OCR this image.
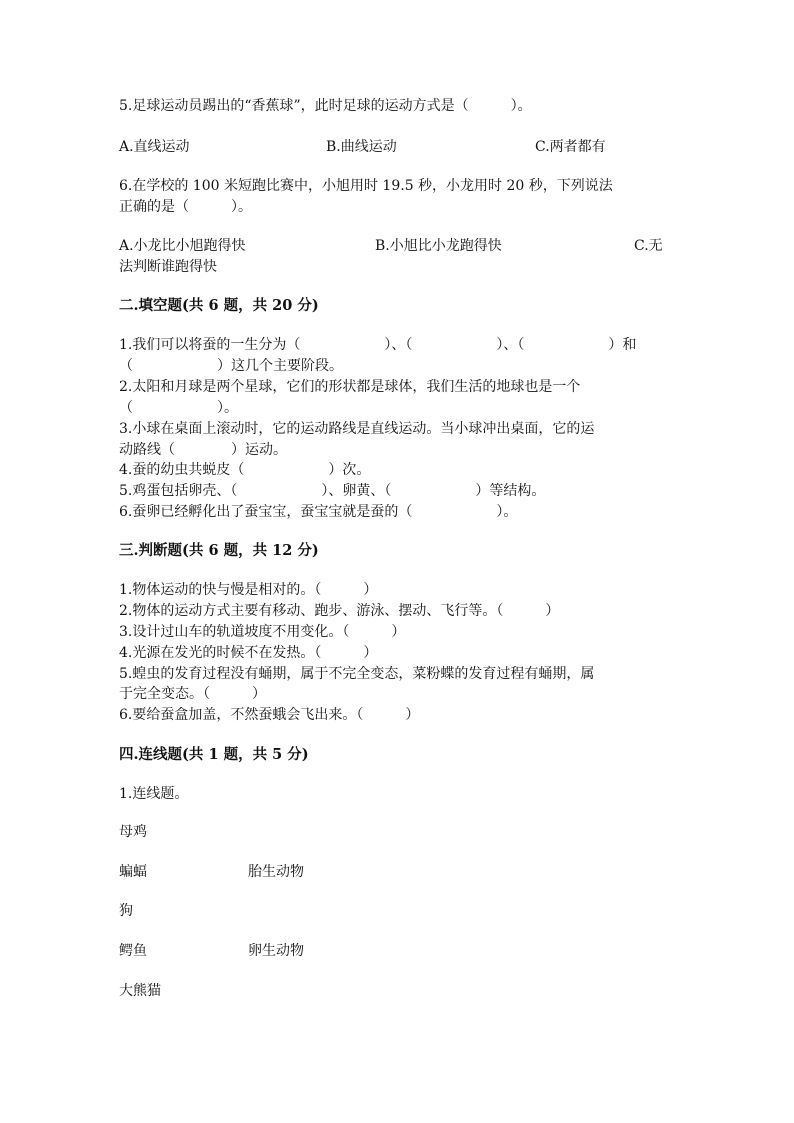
5.足球运动员踢出的“香蕉球”，此时足球的运动方式是（　　　）。
A.直线运动	B.曲线运动	C.两者都有
6.在学校的 100 米短跑比赛中，小旭用时 19.5 秒，小龙用时 20 秒，下列说法
正确的是（　　　）。
A.小龙比小旭跑得快	B.小旭比小龙跑得快	C.无
法判断谁跑得快
二.填空题(共 6 题，共 20 分)
1.我们可以将蚕的一生分为（　　　　　　）、（　　　　　　）、（　　　　　　）和
（　　　　　　）这几个主要阶段。
2.太阳和月球是两个星球，它们的形状都是球体，我们生活的地球也是一个
（　　　　　　）。
3.小球在桌面上滚动时，它的运动路线是直线运动。当小球冲出桌面，它的运
动路线（　　　　）运动。
4.蚕的幼虫共蜕皮（　　　　　　）次。
5.鸡蛋包括卵壳、（　　　　　　）、卵黄、（　　　　　　）等结构。
6.蚕卵已经孵化出了蚕宝宝，蚕宝宝就是蚕的（　　　　　　）。
三.判断题(共 6 题，共 12 分)
1.物体运动的快与慢是相对的。（　　　）
2.物体的运动方式主要有移动、跑步、游泳、摆动、飞行等。（　　　）
3.设计过山车的轨道坡度不用变化。（　　　）
4.光源在发光的时候不在发热。（　　　）
5.蝗虫的发育过程没有蛹期，属于不完全变态，菜粉蝶的发育过程有蛹期，属
于完全变态。（　　　）
6.要给蚕盒加盖，不然蚕蛾会飞出来。（　　　）
四.连线题(共 1 题，共 5 分)
1.连线题。
母鸡
蝙蝠	胎生动物
狗
鳄鱼	卵生动物
大熊猫
